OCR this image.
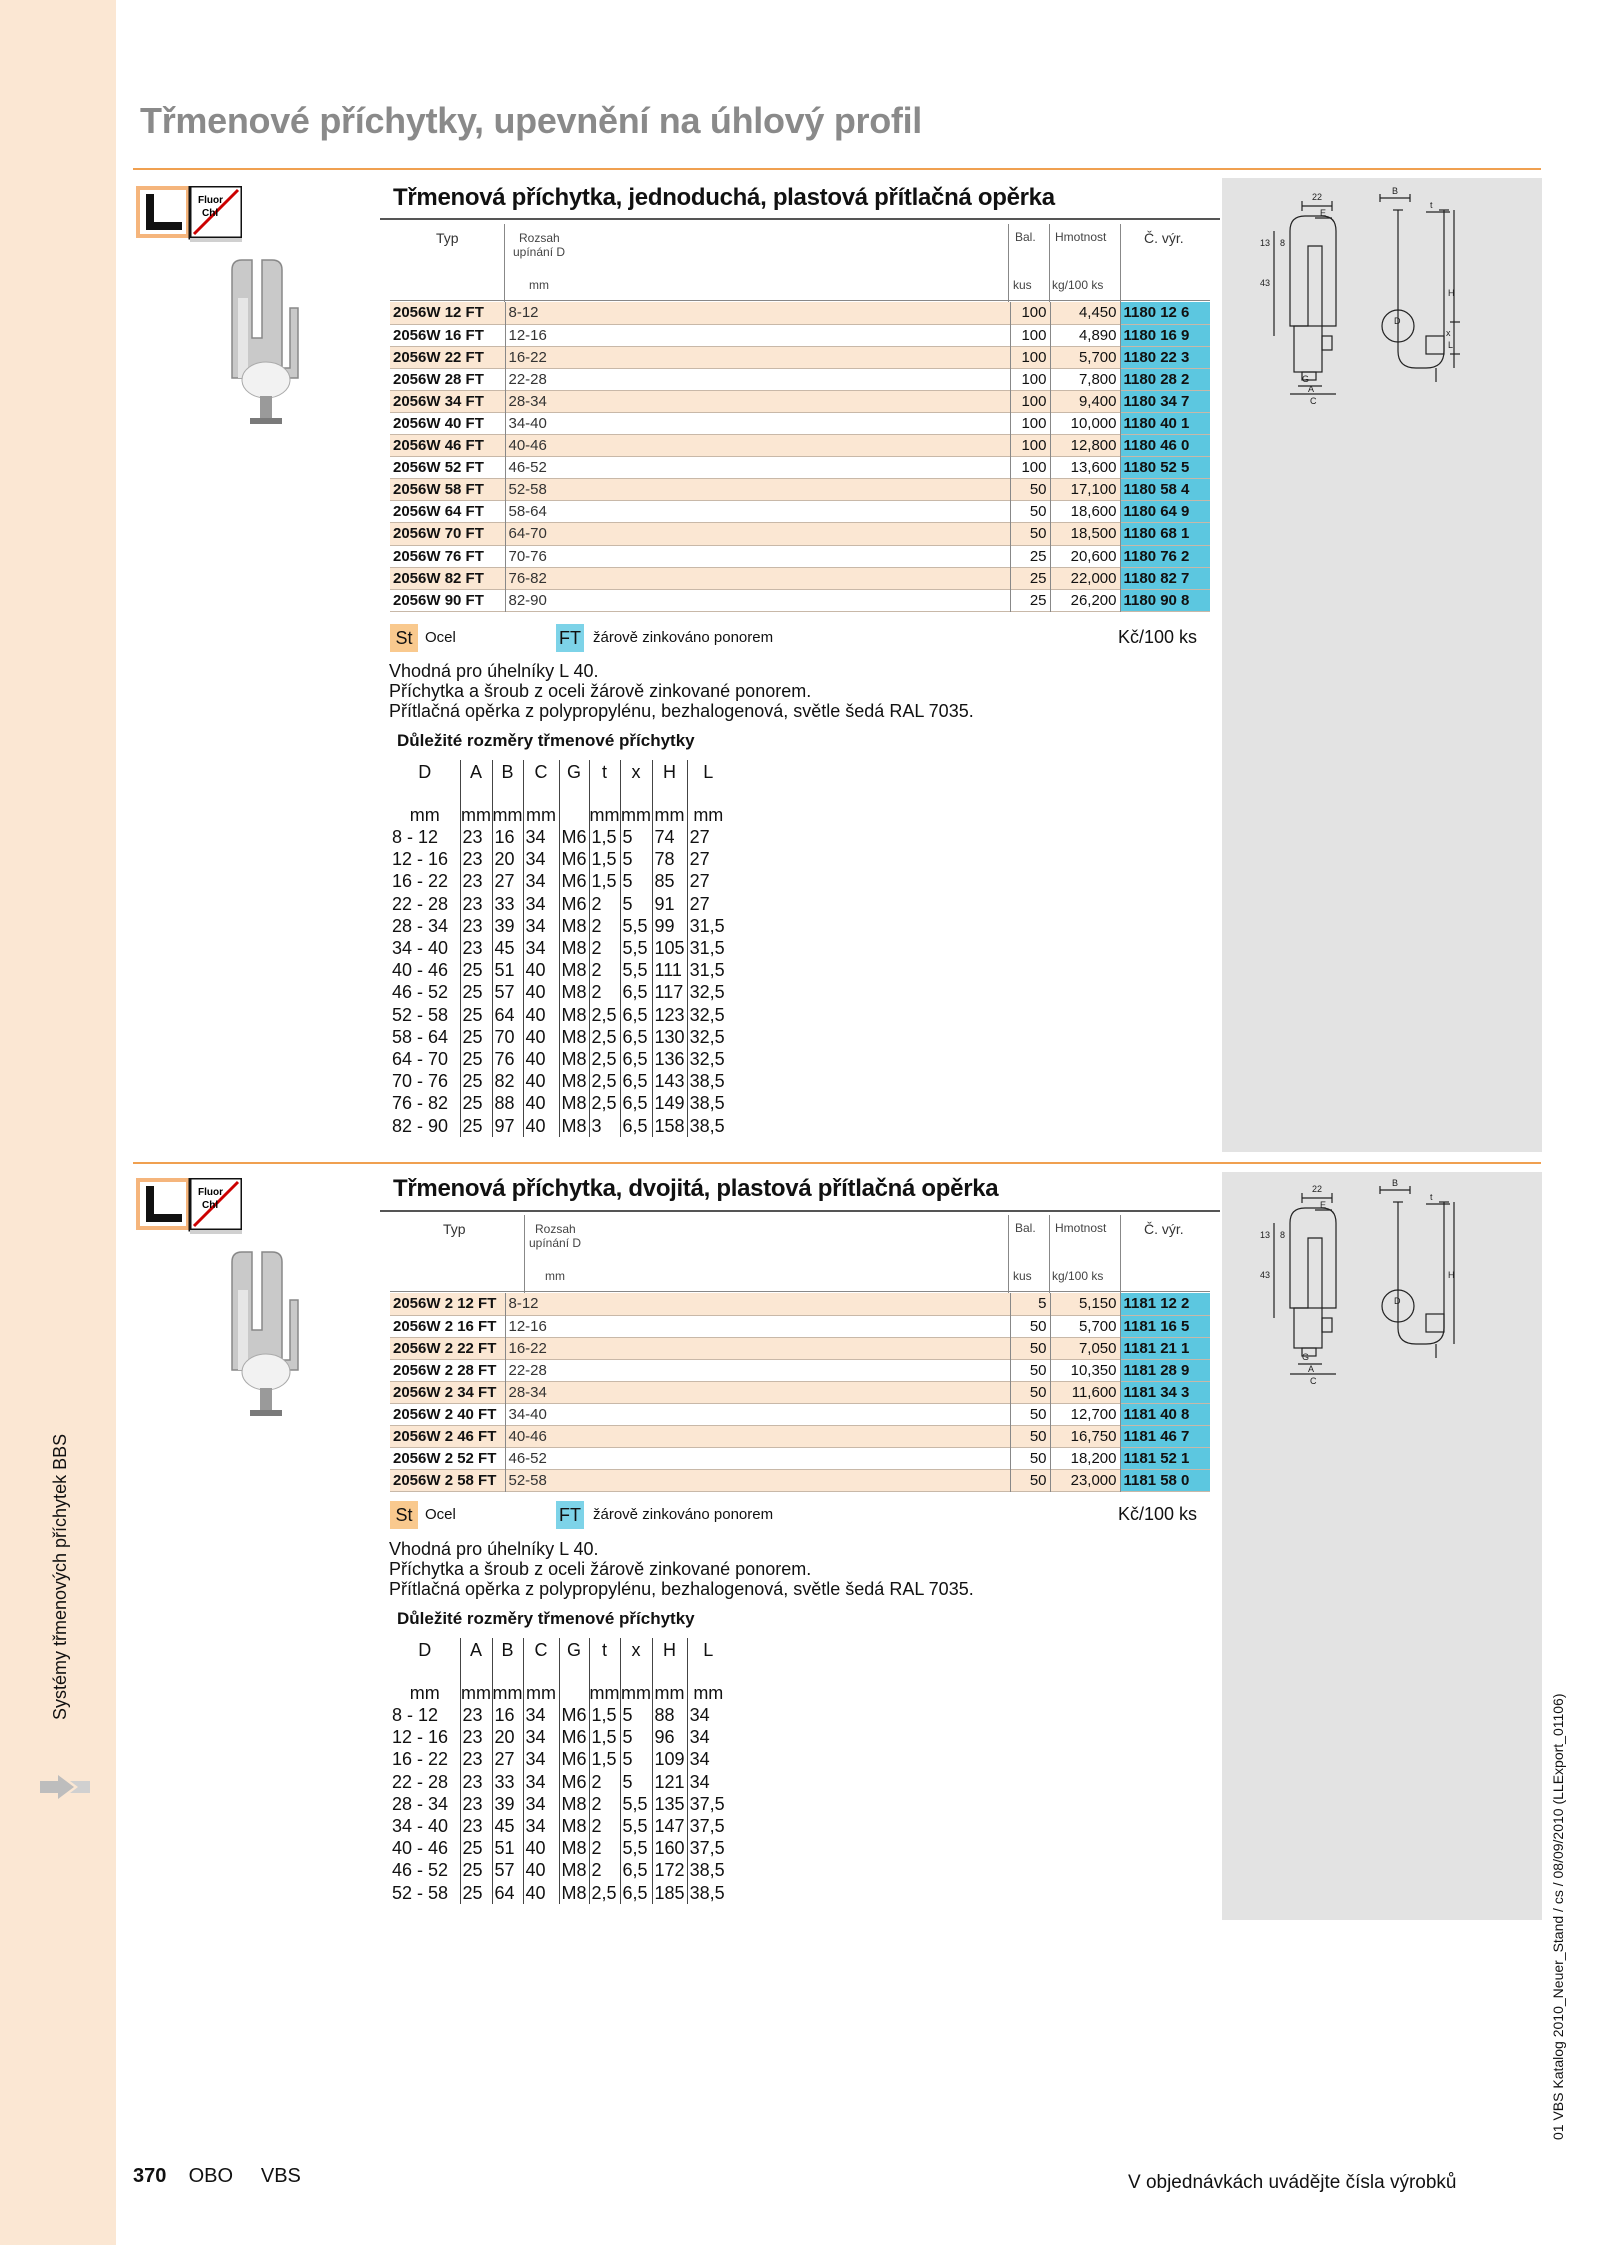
Systémy třmenových příchytek BBS
01 VBS Katalog 2010_Neuer_Stand / cs / 08/09/2010 (LLExport_01106)
Třmenové příchytky, upevnění na úhlový profil
Fluor
Chl
Třmenová příchytka, jednoduchá, plastová přítlačná opěrka
Typ	Rozsah
upínání D
mm
Bal.
kus
Hmotnost
kg/100 ks
Č. výr.
2056W 12 FT	8-12	100	4,450	1180 12 6
2056W 16 FT	12-16	100	4,890	1180 16 9
2056W 22 FT	16-22	100	5,700	1180 22 3
2056W 28 FT	22-28	100	7,800	1180 28 2
2056W 34 FT	28-34	100	9,400	1180 34 7
2056W 40 FT	34-40	100	10,000	1180 40 1
2056W 46 FT	40-46	100	12,800	1180 46 0
2056W 52 FT	46-52	100	13,600	1180 52 5
2056W 58 FT	52-58	50	17,100	1180 58 4
2056W 64 FT	58-64	50	18,600	1180 64 9
2056W 70 FT	64-70	50	18,500	1180 68 1
2056W 76 FT	70-76	25	20,600	1180 76 2
2056W 82 FT	76-82	25	22,000	1180 82 7
2056W 90 FT	82-90	25	26,200	1180 90 8
St Ocel	FT žárově zinkováno ponorem	Kč/100 ks
Vhodná pro úhelníky L 40.
Příchytka a šroub z oceli žárově zinkované ponorem.
Přítlačná opěrka z polypropylénu, bezhalogenová, světle šedá RAL 7035.
Důležité rozměry třmenové příchytky
D	A	B	C	G	t	x	H	L
mm	mm	mm	mm		mm	mm	mm	mm
8 - 12	23	16	34	M6	1,5	5	74	27
12 - 16	23	20	34	M6	1,5	5	78	27
16 - 22	23	27	34	M6	1,5	5	85	27
22 - 28	23	33	34	M6	2	5	91	27
28 - 34	23	39	34	M8	2	5,5	99	31,5
34 - 40	23	45	34	M8	2	5,5	105	31,5
40 - 46	25	51	40	M8	2	5,5	111	31,5
46 - 52	25	57	40	M8	2	6,5	117	32,5
52 - 58	25	64	40	M8	2,5	6,5	123	32,5
58 - 64	25	70	40	M8	2,5	6,5	130	32,5
64 - 70	25	76	40	M8	2,5	6,5	136	32,5
70 - 76	25	82	40	M8	2,5	6,5	143	38,5
76 - 82	25	88	40	M8	2,5	6,5	149	38,5
82 - 90	25	97	40	M8	3	6,5	158	38,5
22
E
B
t
H
D
x
L
G
A
C
13 8
43
Fluor
Chl
Třmenová příchytka, dvojitá, plastová přítlačná opěrka
Typ	Rozsah
upínání D
mm
Bal.
kus
Hmotnost
kg/100 ks
Č. výr.
2056W 2 12 FT	8-12	5	5,150	1181 12 2
2056W 2 16 FT	12-16	50	5,700	1181 16 5
2056W 2 22 FT	16-22	50	7,050	1181 21 1
2056W 2 28 FT	22-28	50	10,350	1181 28 9
2056W 2 34 FT	28-34	50	11,600	1181 34 3
2056W 2 40 FT	34-40	50	12,700	1181 40 8
2056W 2 46 FT	40-46	50	16,750	1181 46 7
2056W 2 52 FT	46-52	50	18,200	1181 52 1
2056W 2 58 FT	52-58	50	23,000	1181 58 0
St Ocel	FT žárově zinkováno ponorem	Kč/100 ks
Vhodná pro úhelníky L 40.
Příchytka a šroub z oceli žárově zinkované ponorem.
Přítlačná opěrka z polypropylénu, bezhalogenová, světle šedá RAL 7035.
Důležité rozměry třmenové příchytky
D	A	B	C	G	t	x	H	L
mm	mm	mm	mm		mm	mm	mm	mm
8 - 12	23	16	34	M6	1,5	5	88	34
12 - 16	23	20	34	M6	1,5	5	96	34
16 - 22	23	27	34	M6	1,5	5	109	34
22 - 28	23	33	34	M6	2	5	121	34
28 - 34	23	39	34	M8	2	5,5	135	37,5
34 - 40	23	45	34	M8	2	5,5	147	37,5
40 - 46	25	51	40	M8	2	5,5	160	37,5
46 - 52	25	57	40	M8	2	6,5	172	38,5
52 - 58	25	64	40	M8	2,5	6,5	185	38,5
22
E
B
t
H
D
G
A
C
13 8
43
370 OBO VBS	V objednávkách uvádějte čísla výrobků
